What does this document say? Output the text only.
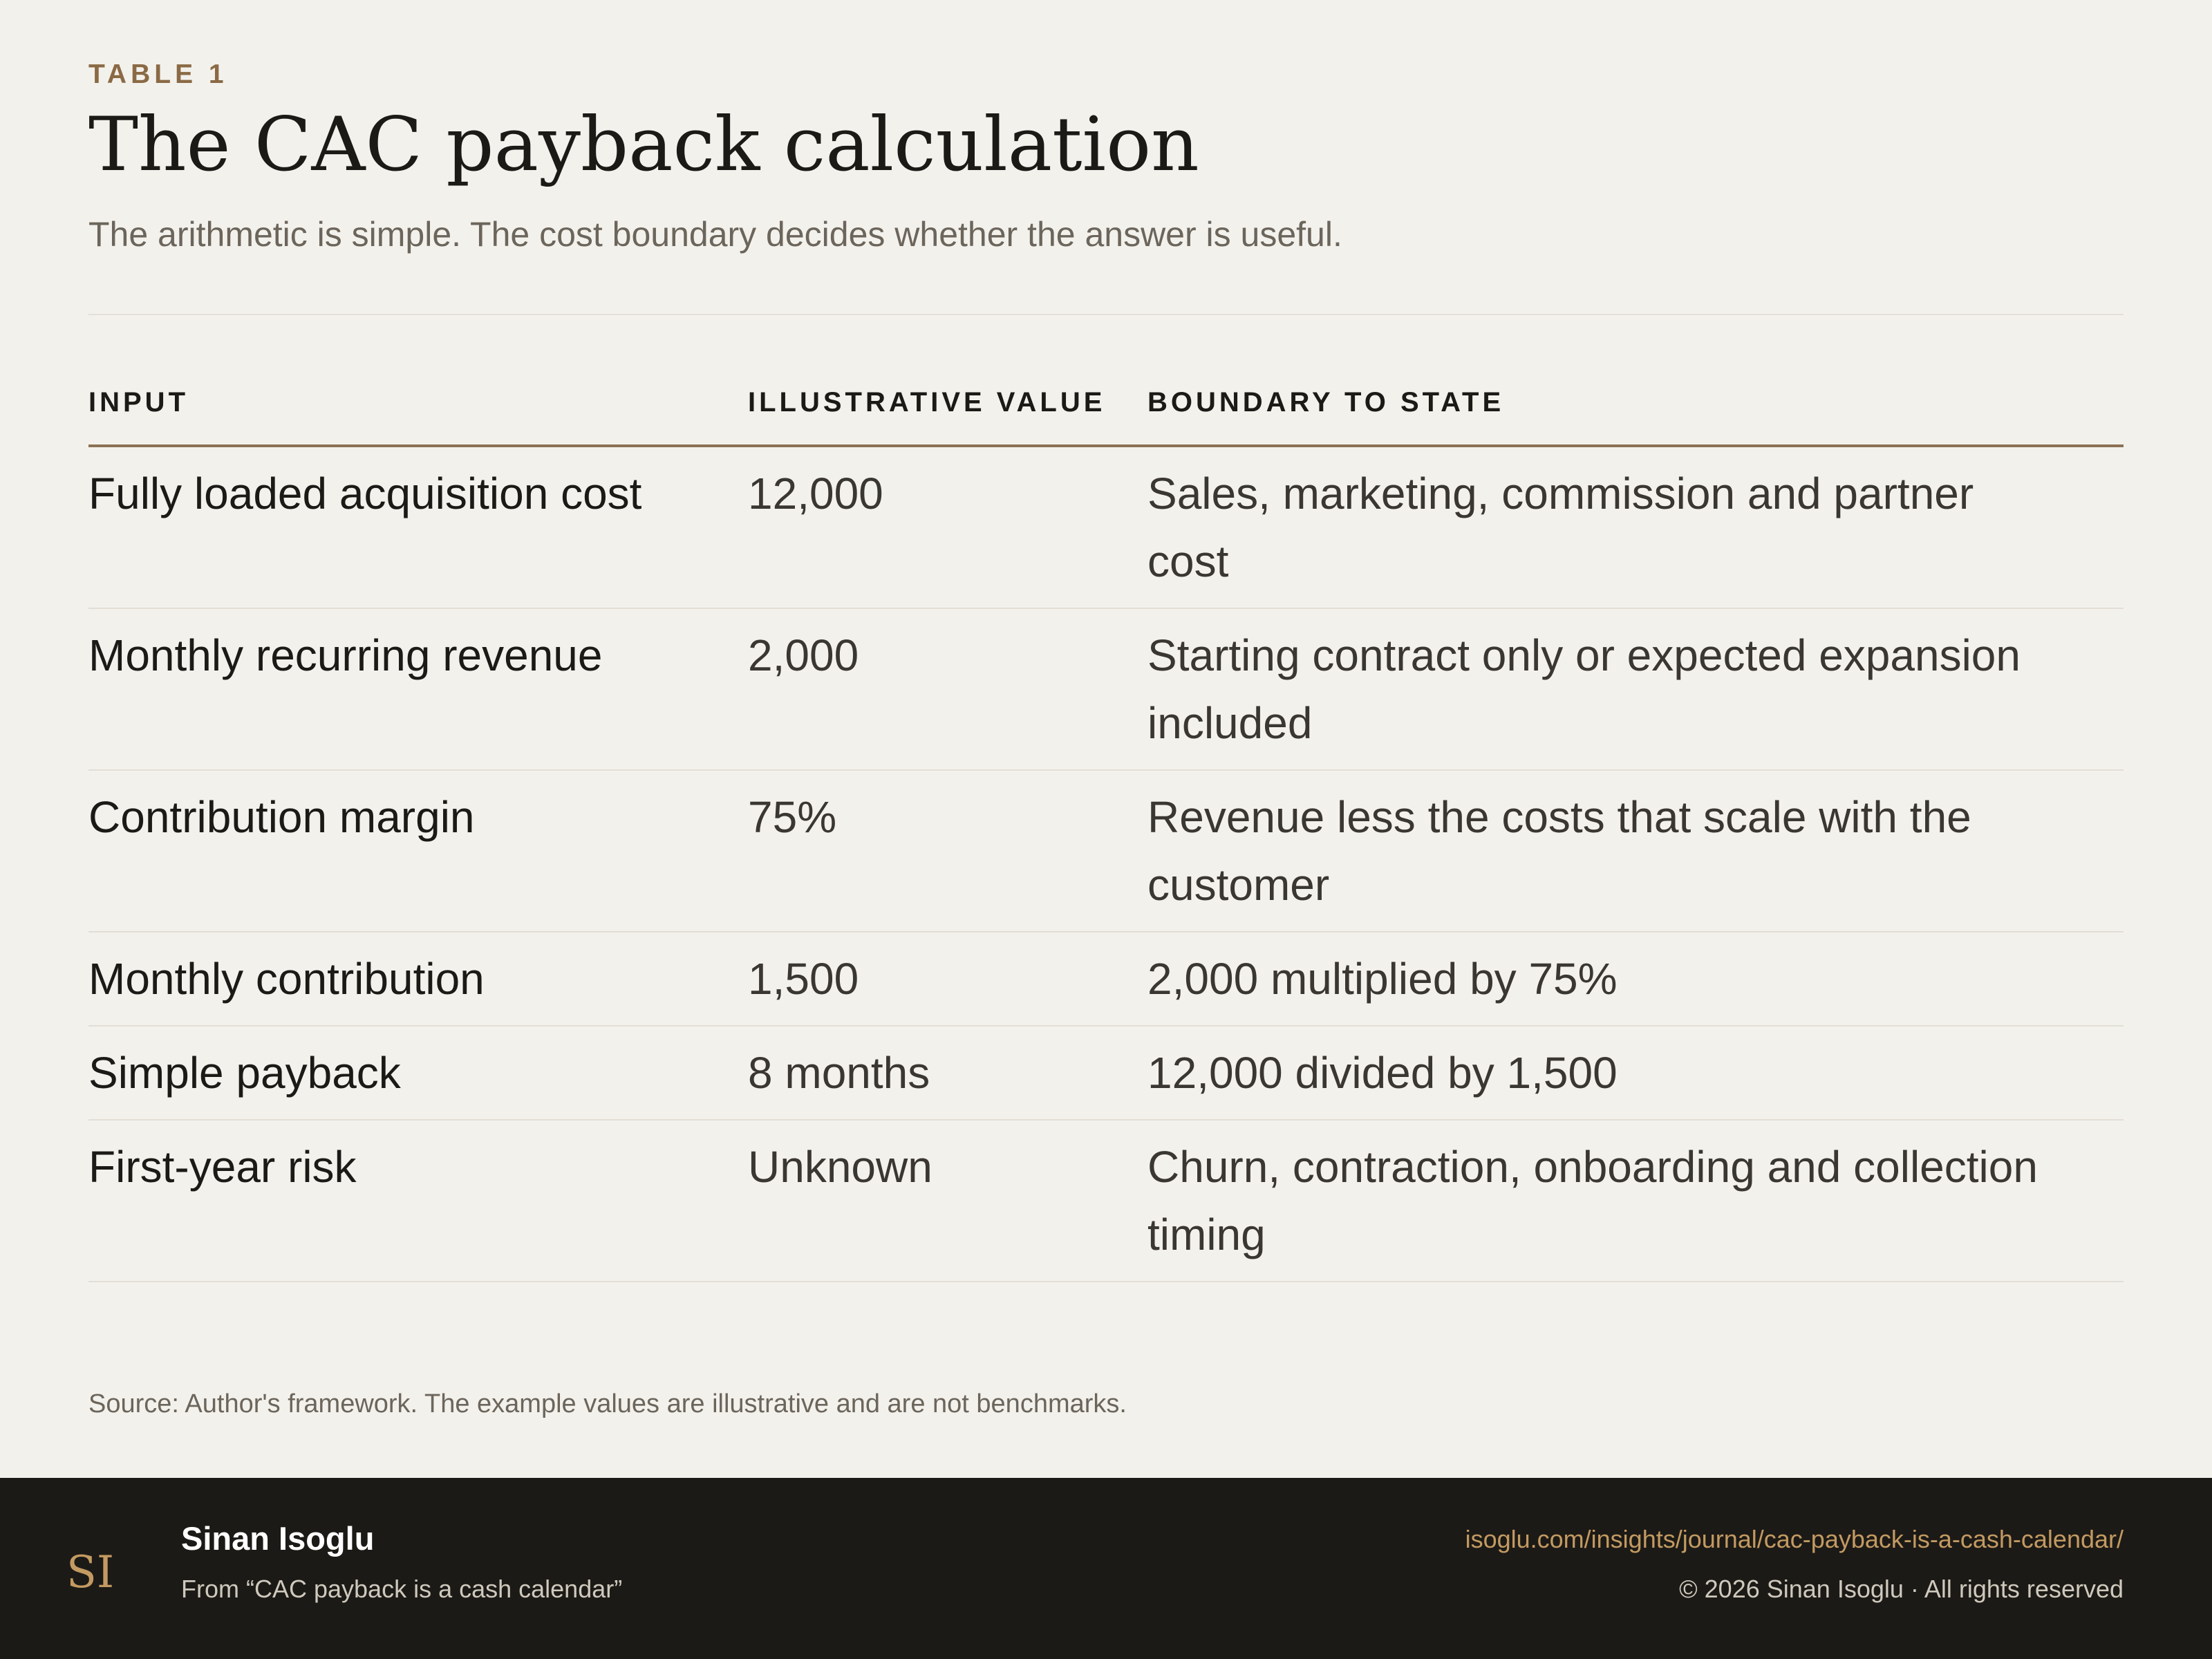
TABLE 1
The CAC payback calculation
The arithmetic is simple. The cost boundary decides whether the answer is useful.
INPUT	ILLUSTRATIVE VALUE	BOUNDARY TO STATE
Fully loaded acquisition cost	12,000	Sales, marketing, commission and partner cost
Monthly recurring revenue	2,000	Starting contract only or expected expansion included
Contribution margin	75%	Revenue less the costs that scale with the customer
Monthly contribution	1,500	2,000 multiplied by 75%
Simple payback	8 months	12,000 divided by 1,500
First-year risk	Unknown	Churn, contraction, onboarding and collection timing
Source: Author's framework. The example values are illustrative and are not benchmarks.
SI
Sinan Isoglu
From “CAC payback is a cash calendar”
isoglu.com/insights/journal/cac-payback-is-a-cash-calendar/
© 2026 Sinan Isoglu · All rights reserved
